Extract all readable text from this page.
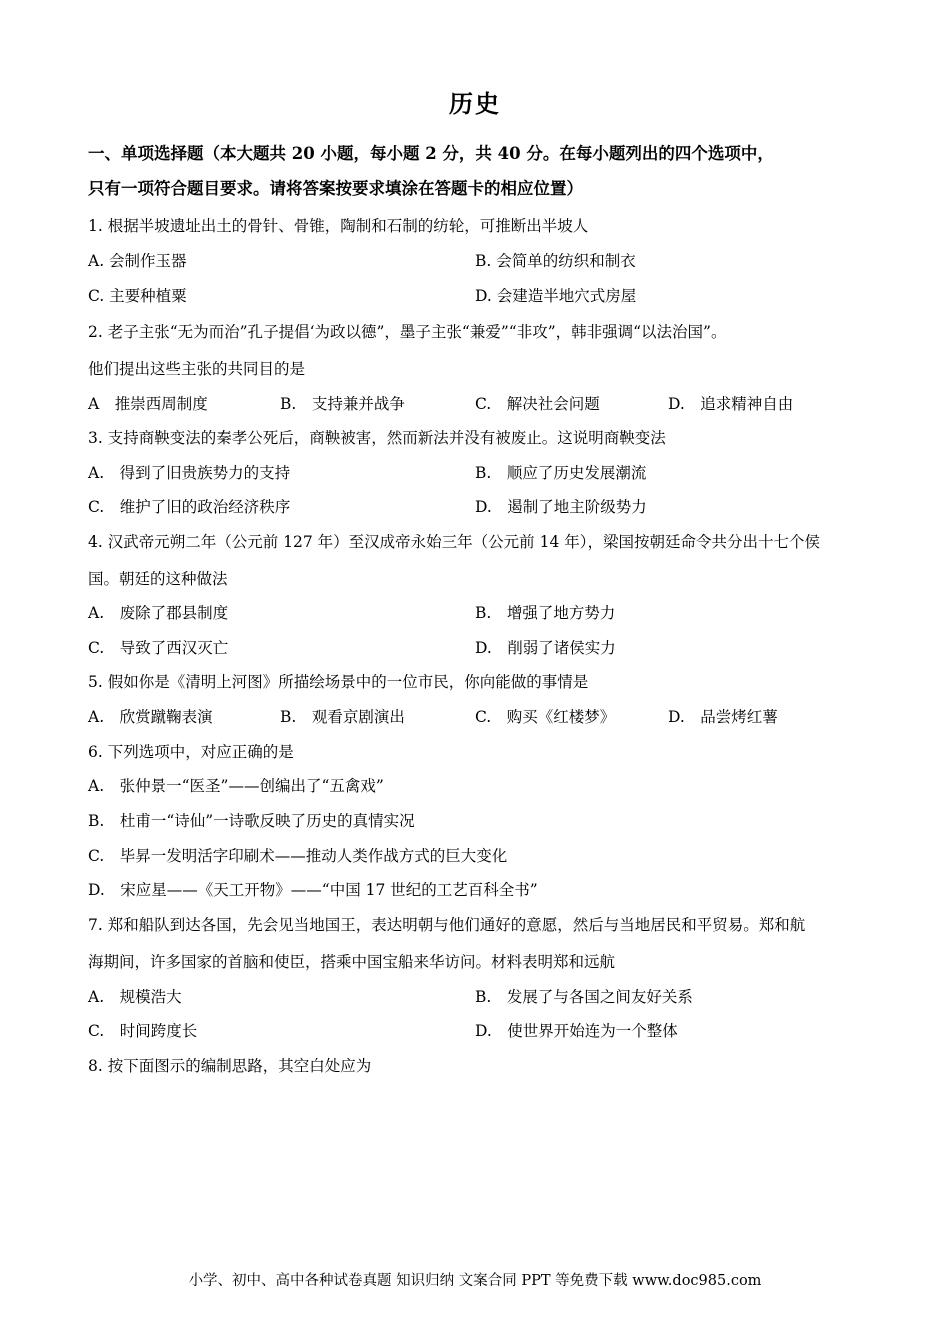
历史
一、单项选择题（本大题共 20 小题，每小题 2 分，共 40 分。在每小题列出的四个选项中，
只有一项符合题目要求。请将答案按要求填涂在答题卡的相应位置）
1. 根据半坡遗址出土的骨针、骨锥，陶制和石制的纺轮，可推断出半坡人
A. 会制作玉器	B. 会简单的纺织和制衣
C. 主要种植粟	D. 会建造半地穴式房屋
2. 老子主张“无为而治”孔子提倡‘为政以德”，墨子主张“兼爱”“非攻”，韩非强调“以法治国”。
他们提出这些主张的共同目的是
A　推崇西周制度	B.　支持兼并战争	C.　解决社会问题	D.　追求精神自由
3. 支持商鞅变法的秦孝公死后，商鞅被害，然而新法并没有被废止。这说明商鞅变法
A.　得到了旧贵族势力的支持	B.　顺应了历史发展潮流
C.　维护了旧的政治经济秩序	D.　遏制了地主阶级势力
4. 汉武帝元朔二年（公元前 127 年）至汉成帝永始三年（公元前 14 年），梁国按朝廷命令共分出十七个侯
国。朝廷的这种做法
A.　废除了郡县制度	B.　增强了地方势力
C.　导致了西汉灭亡	D.　削弱了诸侯实力
5. 假如你是《清明上河图》所描绘场景中的一位市民，你向能做的事情是
A.　欣赏蹴鞠表演	B.　观看京剧演出	C.　购买《红楼梦》	D.　品尝烤红薯
6. 下列选项中，对应正确的是
A.　张仲景一“医圣”——创编出了“五禽戏”
B.　杜甫一“诗仙”一诗歌反映了历史的真情实况
C.　毕昇一发明活字印刷术——推动人类作战方式的巨大变化
D.　宋应星——《天工开物》——“中国 17 世纪的工艺百科全书”
7. 郑和船队到达各国，先会见当地国王，表达明朝与他们通好的意愿，然后与当地居民和平贸易。郑和航
海期间，许多国家的首脑和使臣，搭乘中国宝船来华访问。材料表明郑和远航
A.　规模浩大	B.　发展了与各国之间友好关系
C.　时间跨度长	D.　使世界开始连为一个整体
8. 按下面图示的编制思路，其空白处应为
小学、初中、高中各种试卷真题 知识归纳 文案合同 PPT 等免费下载 www.doc985.com
